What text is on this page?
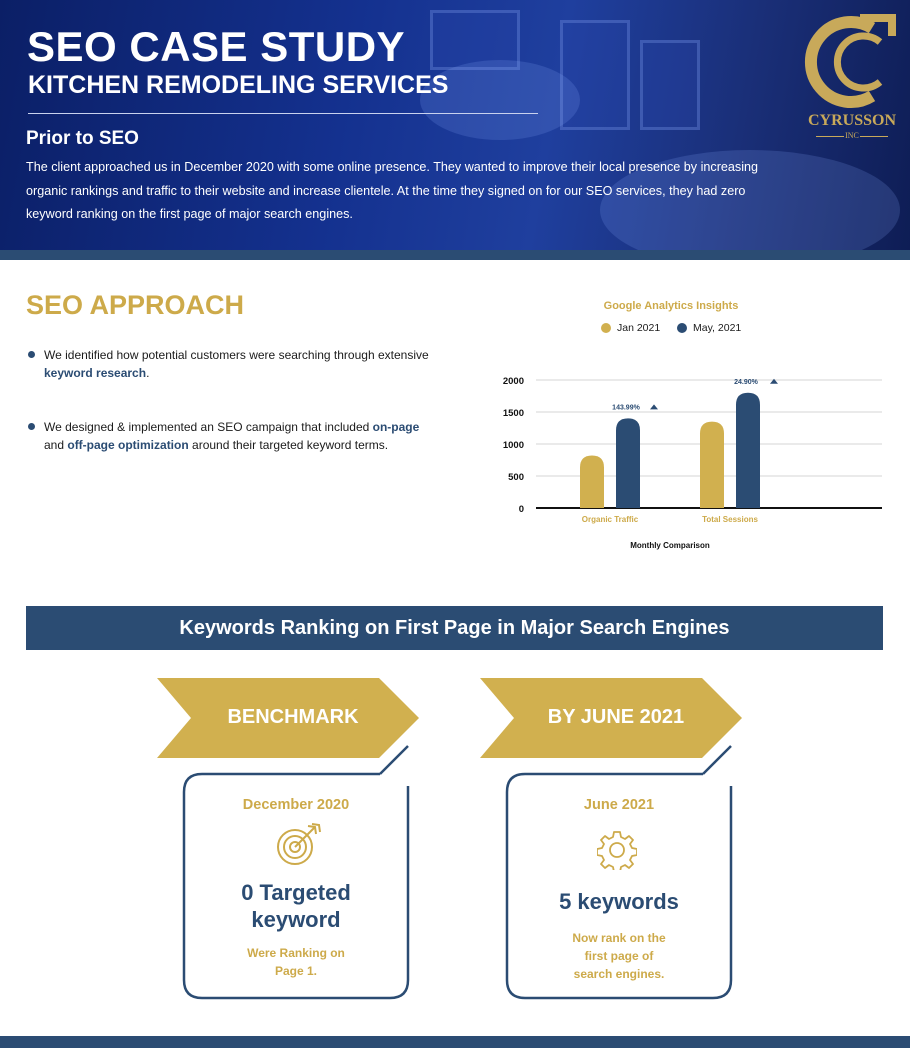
SEO CASE STUDY
KITCHEN REMODELING SERVICES
Prior to SEO
The client approached us in December 2020 with some online presence. They wanted to improve their local presence by increasing organic rankings and traffic to their website and increase clientele. At the time they signed on for our SEO services, they had zero keyword ranking on the first page of major search engines.
CYRUSSON
INC
SEO APPROACH
We identified how potential customers were searching through extensive keyword research.
We designed & implemented an SEO campaign that included on-page and off-page optimization around their targeted keyword terms.
Google Analytics Insights
Jan 2021	May, 2021
0
500
1000
1500
2000
143.99%
Organic Traffic
24.90%
Total Sessions
Monthly Comparison
Keywords Ranking on First Page in Major Search Engines
BENCHMARK	BY JUNE 2021
December 2020
0 Targeted
keyword
Were Ranking on
Page 1.
June 2021
5 keywords
Now rank on the
first page of
search engines.
